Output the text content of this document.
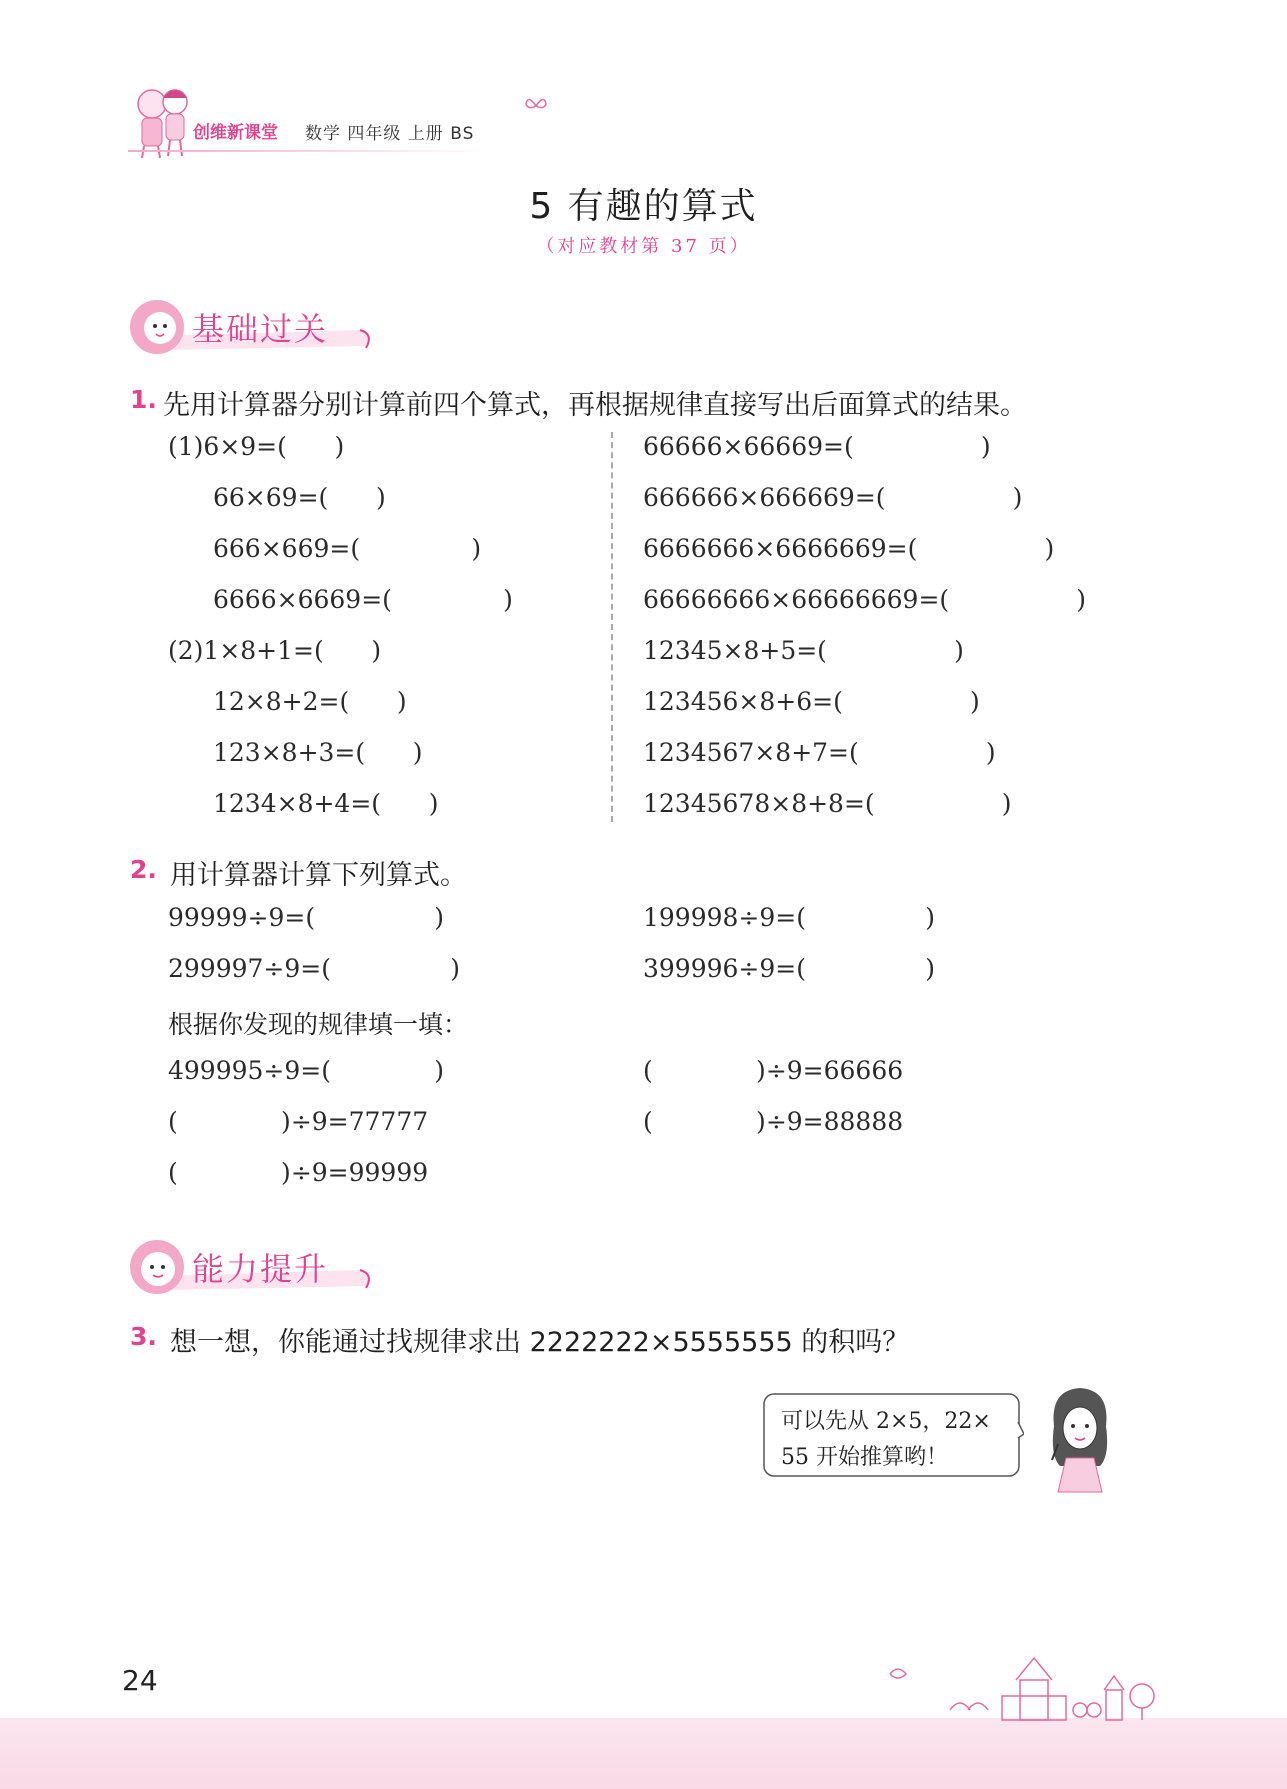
创维新课堂 数学 四年级 上册 BS
5 有趣的算式
（对应教材第 37 页）
基础过关
1. 先用计算器分别计算前四个算式，再根据规律直接写出后面算式的结果。
(1)6×9=(      )
66×69=(      )
666×669=(              )
6666×6669=(              )
66666×66669=(                )
666666×666669=(                )
6666666×6666669=(                )
66666666×66666669=(                )
(2)1×8+1=(      )
12×8+2=(      )
123×8+3=(      )
1234×8+4=(      )
12345×8+5=(                )
123456×8+6=(                )
1234567×8+7=(                )
12345678×8+8=(                )
2. 用计算器计算下列算式。
99999÷9=(               )	199998÷9=(               )
299997÷9=(               )	399996÷9=(               )
根据你发现的规律填一填：
499995÷9=(             )	(             )÷9=66666
(             )÷9=77777	(             )÷9=88888
(             )÷9=99999
能力提升
3. 想一想，你能通过找规律求出 2222222×5555555 的积吗？
可以先从 2×5，22×
55 开始推算哟！
24
